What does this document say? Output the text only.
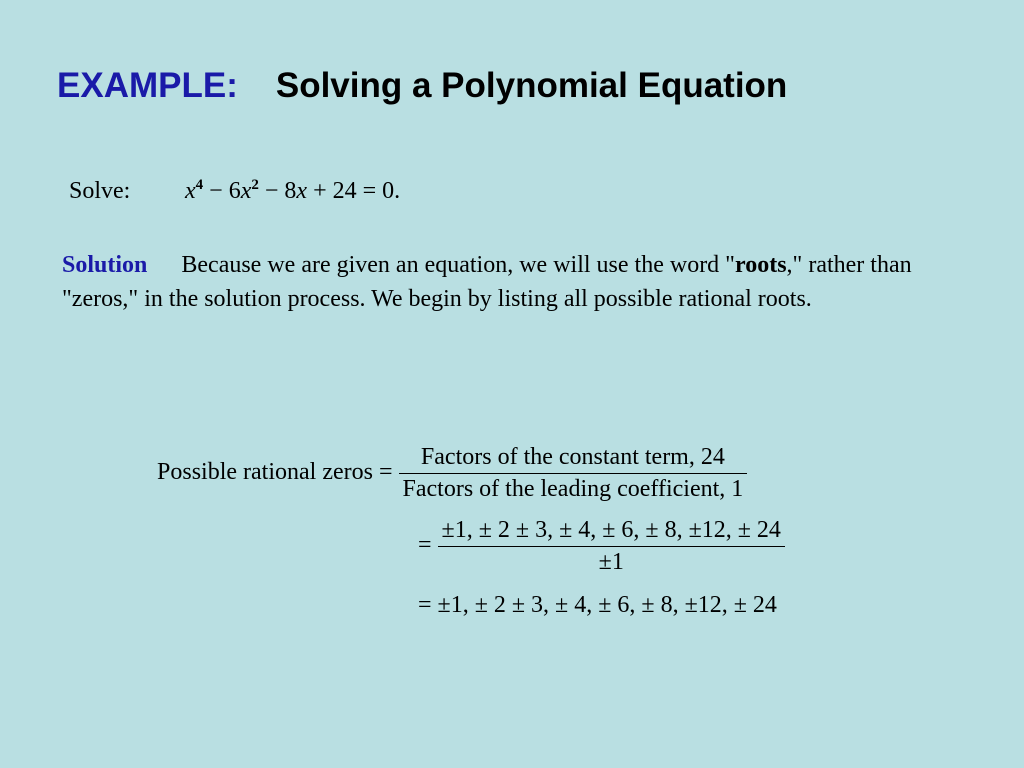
EXAMPLE: Solving a Polynomial Equation
Solve: $x^4 - 6x^2 - 8x + 24 = 0$.
Solution Because we are given an equation, we will use the word "roots," rather than "zeros," in the solution process. We begin by listing all possible rational roots.
Possible rational zeros = $\frac{\text{Factors of the constant term, 24}}{\text{Factors of the leading coefficient, 1}}$
= $\frac{\pm 1, \pm 2 \pm 3, \pm 4, \pm 6, \pm 8, \pm 12, \pm 24}{\pm 1}$
= ±1, ± 2 ± 3, ± 4, ± 6, ± 8, ±12, ± 24
